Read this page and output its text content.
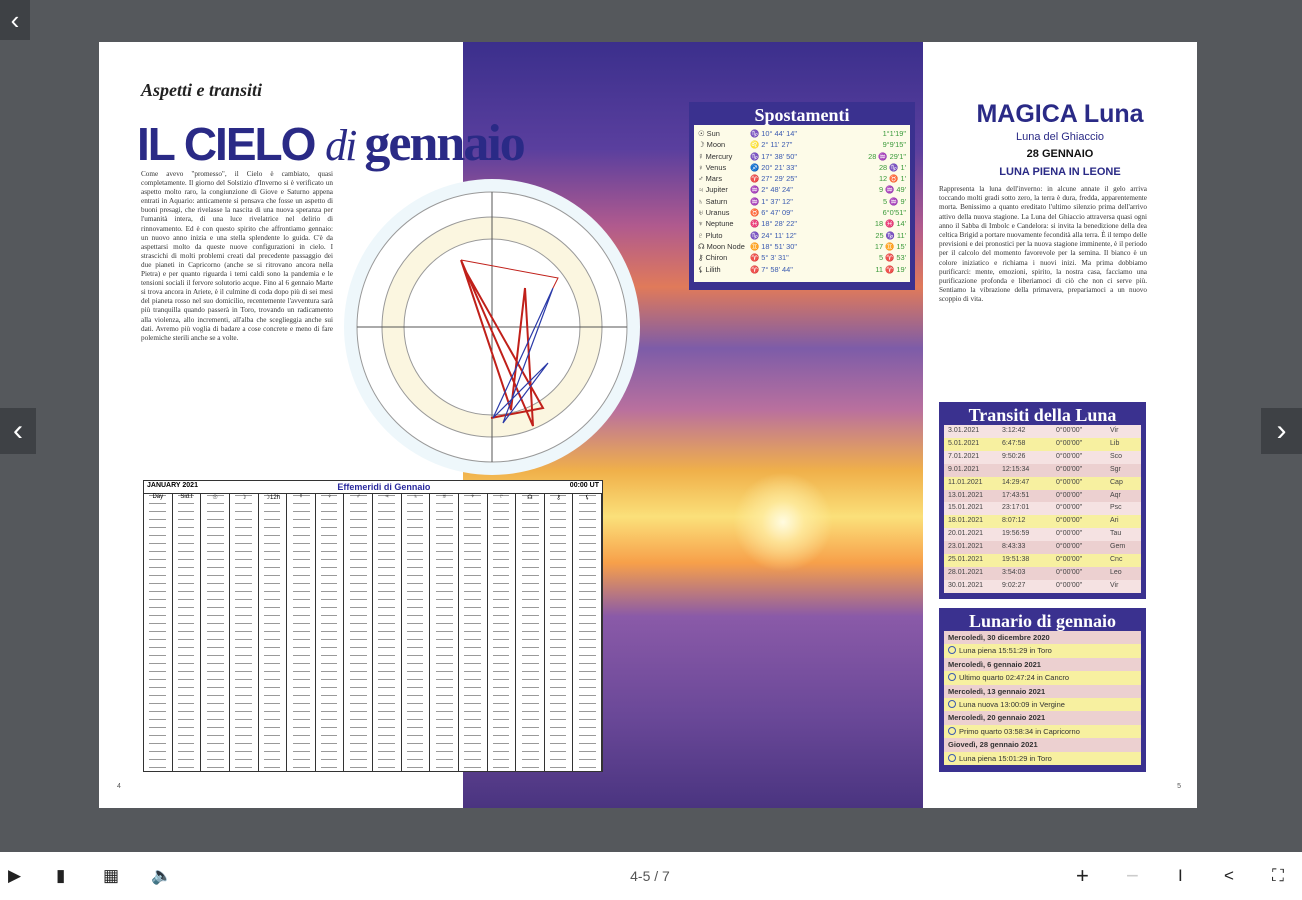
‹
‹	›
Aspetti e transiti
IL CIELO di gennaio
Come avevo "promesso", il Cielo è cambiato, quasi completamente. Il giorno del Solstizio d'Inverno si è verificato un aspetto molto raro, la congiunzione di Giove e Saturno appena entrati in Aquario: anticamente si pensava che fosse un aspetto di buoni presagi, che rivelasse la nascita di una nuova speranza per l'umanità intera, di una luce rivelatrice nel delirio di rinnovamento. Ed è con questo spirito che affrontiamo gennaio: un nuovo anno inizia e una stella splendente lo guida. C'è da aspettarsi molto da queste nuove configurazioni in cielo. I strascichi di molti problemi creati dal precedente passaggio dei due pianeti in Capricorno (anche se si ritrovano ancora nella Pietra) e per quanto riguarda i temi caldi sono la pandemia e le tensioni sociali il fervore solutorio acque. Fino al 6 gennaio Marte si trova ancora in Ariete, è il culmine di coda dopo più di sei mesi del pianeta rosso nel suo domicilio, recentemente l'avventura sarà più tranquilla quando passerà in Toro, trovando un radicamento alla violenza, allo incrementi, all'alba che sceglieggia anche sui dati. Avremo più voglia di badare a cose concrete e meno di fare polemiche sterili anche se a volte.
4
JANUARY 2021	Effemeridi di Gennaio	00:00 UT
Day	Sid.t	☉	☽	☽12h	☿	♀	♂	♃	♄	♅	♆	♇	☊	⚷	⚸
Spostamenti
☉ Sun	♑ 10° 44' 14"	1°1'19"
☽ Moon	♌ 2° 11' 27"	9°9'15"
☿ Mercury	♑ 17° 38' 50"	28 ♒ 29'1"
♀ Venus	♐ 20° 21' 33"	28 ♑ 1'
♂ Mars	♈ 27° 29' 25"	12 ♉ 1'
♃ Jupiter	♒ 2° 48' 24"	9 ♒ 49'
♄ Saturn	♒ 1° 37' 12"	5 ♒ 9'
♅ Uranus	♉ 6° 47' 09"	6°0'51"
♆ Neptune	♓ 18° 28' 22"	18 ♓ 14'
♇ Pluto	♑ 24° 11' 12"	25 ♑ 11'
☊ Moon Node ♊ 18° 51' 30"	17 ♊ 15'
⚷ Chiron	♈ 5° 3' 31"	5 ♈ 53'
⚸ Lilith	♈ 7° 58' 44"	11 ♈ 19'
MAGICA Luna
Luna del Ghiaccio
28 GENNAIO
LUNA PIENA IN LEONE
Rappresenta la luna dell'inverno: in alcune annate il gelo arriva toccando molti gradi sotto zero, la terra è dura, fredda, apparentemente morta. Benissimo a quanto ereditato l'ultimo silenzio prima dell'arrivo attivo della nuova stagione. La Luna del Ghiaccio attraversa quasi ogni anno il Sabba di Imbolc e Candelora: si invita la benedizione della dea celtica Brigid a portare nuovamente fecondità alla terra. È il tempo delle previsioni e dei pronostici per la nuova stagione imminente, è il periodo per il calcolo del momento favorevole per la semina. Il bianco è un colore iniziatico e richiama i nuovi inizi. Ma prima dobbiamo purificarci: mente, emozioni, spirito, la nostra casa, facciamo una purificazione profonda e liberiamoci di ciò che non ci serve più. Sentiamo la vibrazione della primavera, prepariamoci a un nuovo scoppio di vita.
5
Transiti della Luna
3.01.2021	3:12:42	0°00'00"	Vir
5.01.2021	6:47:58	0°00'00"	Lib
7.01.2021	9:50:26	0°00'00"	Sco
9.01.2021	12:15:34	0°00'00"	Sgr
11.01.2021	14:29:47	0°00'00"	Cap
13.01.2021	17:43:51	0°00'00"	Aqr
15.01.2021	23:17:01	0°00'00"	Psc
18.01.2021	8:07:12	0°00'00"	Ari
20.01.2021	19:56:59	0°00'00"	Tau
23.01.2021	8:43:33	0°00'00"	Gem
25.01.2021	19:51:38	0°00'00"	Cnc
28.01.2021	3:54:03	0°00'00"	Leo
30.01.2021	9:02:27	0°00'00"	Vir
Lunario di gennaio
Mercoledì, 30 dicembre 2020
Luna piena 15:51:29 in Toro
Mercoledì, 6 gennaio 2021
Ultimo quarto 02:47:24 in Cancro
Mercoledì, 13 gennaio 2021
Luna nuova 13:00:09 in Vergine
Mercoledì, 20 gennaio 2021
Primo quarto 03:58:34 in Capricorno
Giovedì, 28 gennaio 2021
Luna piena 15:01:29 in Toro
▶ ▮ ▦ 🔈	4-5 / 7	+ − I < ⛶
